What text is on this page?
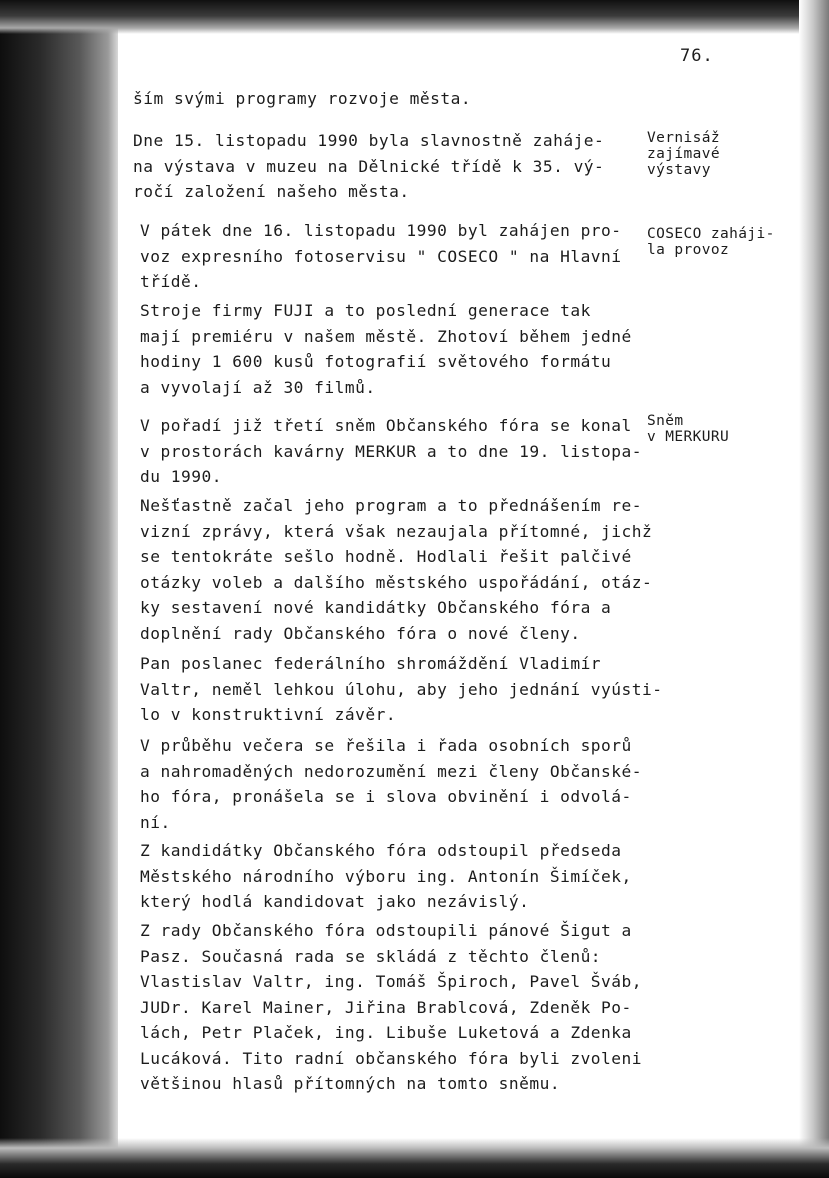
76.

ším svými programy rozvoje města.

Dne 15. listopadu 1990 byla slavnostně zaháje-
na výstava v muzeu na Dělnické třídě k 35. vý-
ročí založení našeho města.

V pátek dne 16. listopadu 1990 byl zahájen pro-
voz expresního fotoservisu " COSECO " na Hlavní
třídě.

Stroje firmy FUJI a to poslední generace tak
mají premiéru v našem městě. Zhotoví během jedné
hodiny 1 600 kusů fotografií světového formátu
a vyvolají až 30 filmů.

V pořadí již třetí sněm Občanského fóra se konal
v prostorách kavárny MERKUR a to dne 19. listopa-
du 1990.

Nešťastně začal jeho program a to přednášením re-
vizní zprávy, která však nezaujala přítomné, jichž
se tentokráte sešlo hodně. Hodlali řešit palčivé
otázky voleb a dalšího městského uspořádání, otáz-
ky sestavení nové kandidátky Občanského fóra a
doplnění rady Občanského fóra o nové členy.

Pan poslanec federálního shromáždění Vladimír
Valtr, neměl lehkou úlohu, aby jeho jednání vyústi-
lo v konstruktivní závěr.

V průběhu večera se řešila i řada osobních sporů
a nahromaděných nedorozumění mezi členy Občanské-
ho fóra, pronášela se i slova obvinění i odvolá-
ní.

Z kandidátky Občanského fóra odstoupil předseda
Městského národního výboru ing. Antonín Šimíček,
který hodlá kandidovat jako nezávislý.

Z rady Občanského fóra odstoupili pánové Šigut a
Pasz. Současná rada se skládá z těchto členů:
Vlastislav Valtr, ing. Tomáš Špiroch, Pavel Šváb,
JUDr. Karel Mainer, Jiřina Brablcová, Zdeněk Po-
lách, Petr Plaček, ing. Libuše Luketová a Zdenka
Lucáková. Tito radní občanského fóra byli zvoleni
většinou hlasů přítomných na tomto sněmu.

Vernisáž
zajímavé
výstavy

COSECO zaháji-
la provoz

Sněm
v MERKURU
